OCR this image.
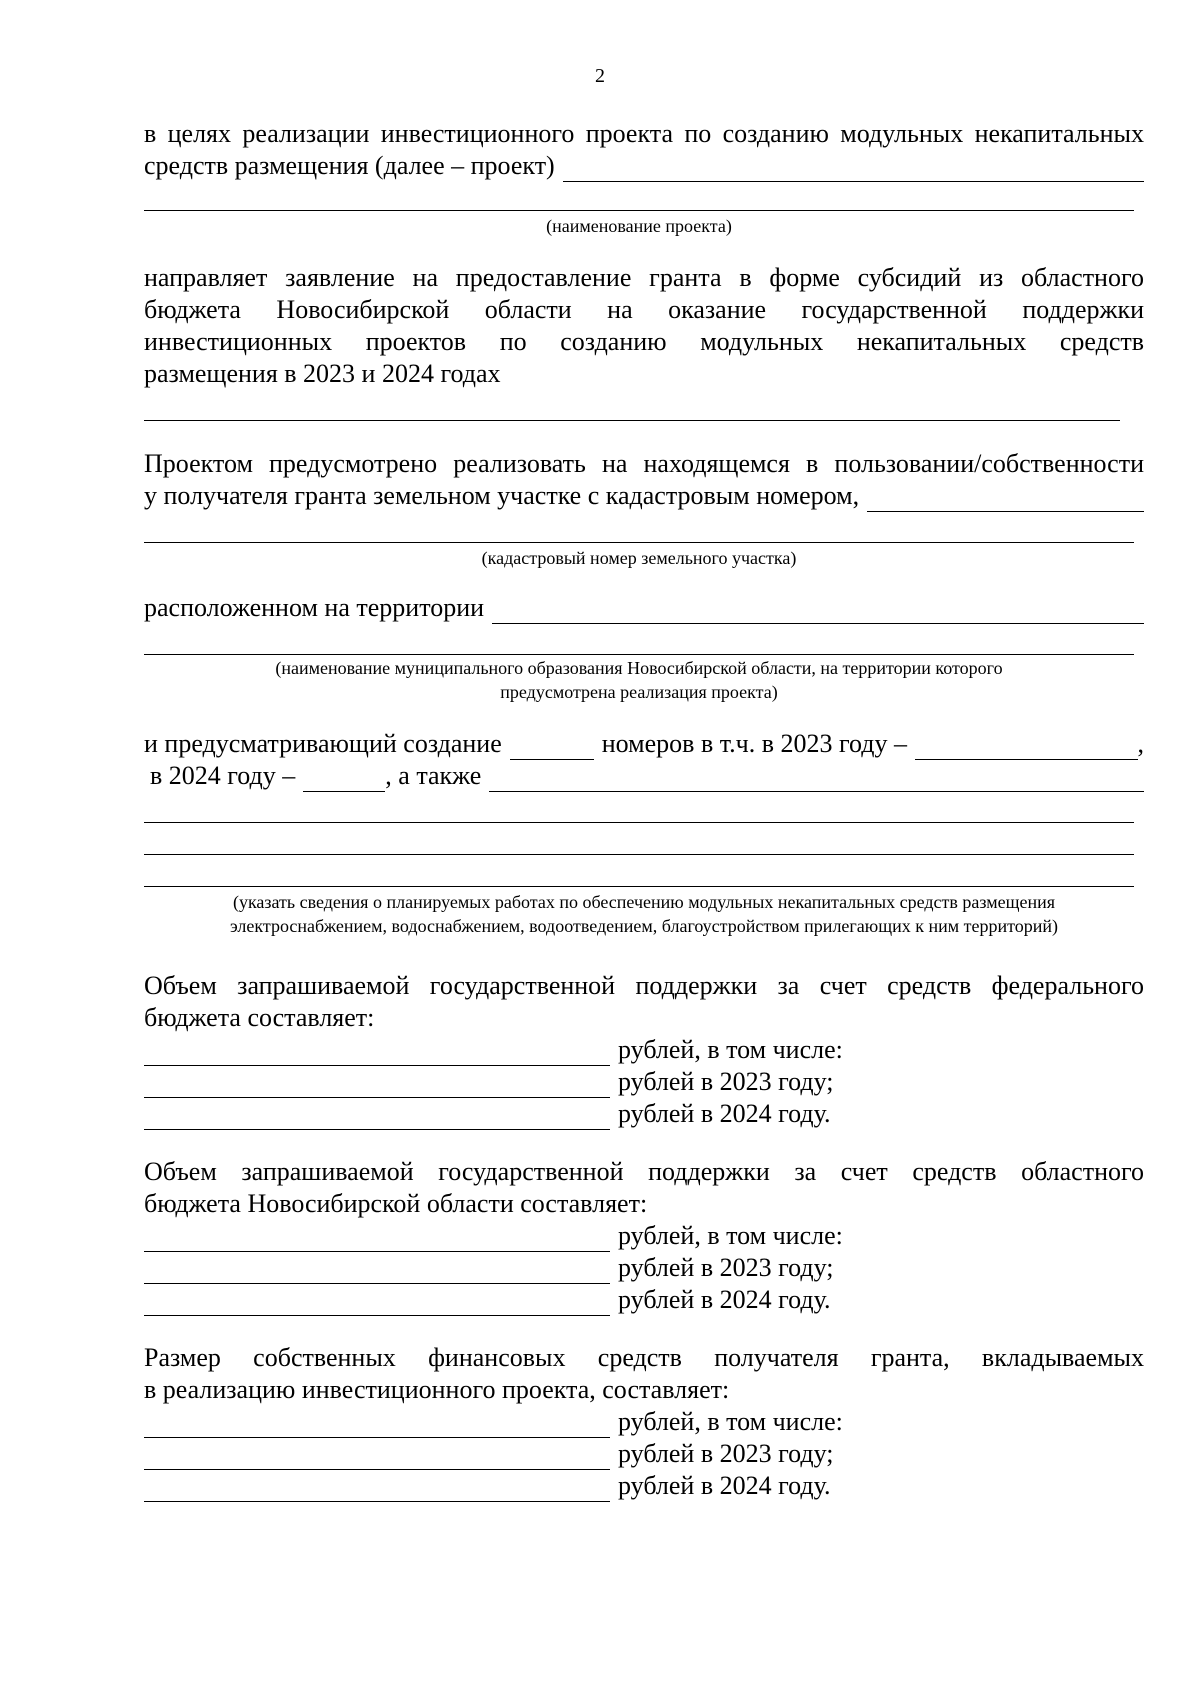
2
в целях реализации инвестиционного проекта по созданию модульных некапитальных
средств размещения (далее – проект)
(наименование проекта)
направляет заявление на предоставление гранта в форме субсидий из областного
бюджета Новосибирской области на оказание государственной поддержки
инвестиционных проектов по созданию модульных некапитальных средств
размещения в 2023 и 2024 годах
Проектом предусмотрено реализовать на находящемся в пользовании/собственности
у получателя гранта земельном участке с кадастровым номером,
(кадастровый номер земельного участка)
расположенном на территории
(наименование муниципального образования Новосибирской области, на территории которого
предусмотрена реализация проекта)
и предусматривающий создание	номеров в т.ч. в 2023 году –	,
в 2024 году –	, а также
(указать сведения о планируемых работах по обеспечению модульных некапитальных средств размещения
электроснабжением, водоснабжением, водоотведением, благоустройством прилегающих к ним территорий)
Объем запрашиваемой государственной поддержки за счет средств федерального
бюджета составляет:
рублей, в том числе:
рублей в 2023 году;
рублей в 2024 году.
Объем запрашиваемой государственной поддержки за счет средств областного
бюджета Новосибирской области составляет:
рублей, в том числе:
рублей в 2023 году;
рублей в 2024 году.
Размер собственных финансовых средств получателя гранта, вкладываемых
в реализацию инвестиционного проекта, составляет:
рублей, в том числе:
рублей в 2023 году;
рублей в 2024 году.
